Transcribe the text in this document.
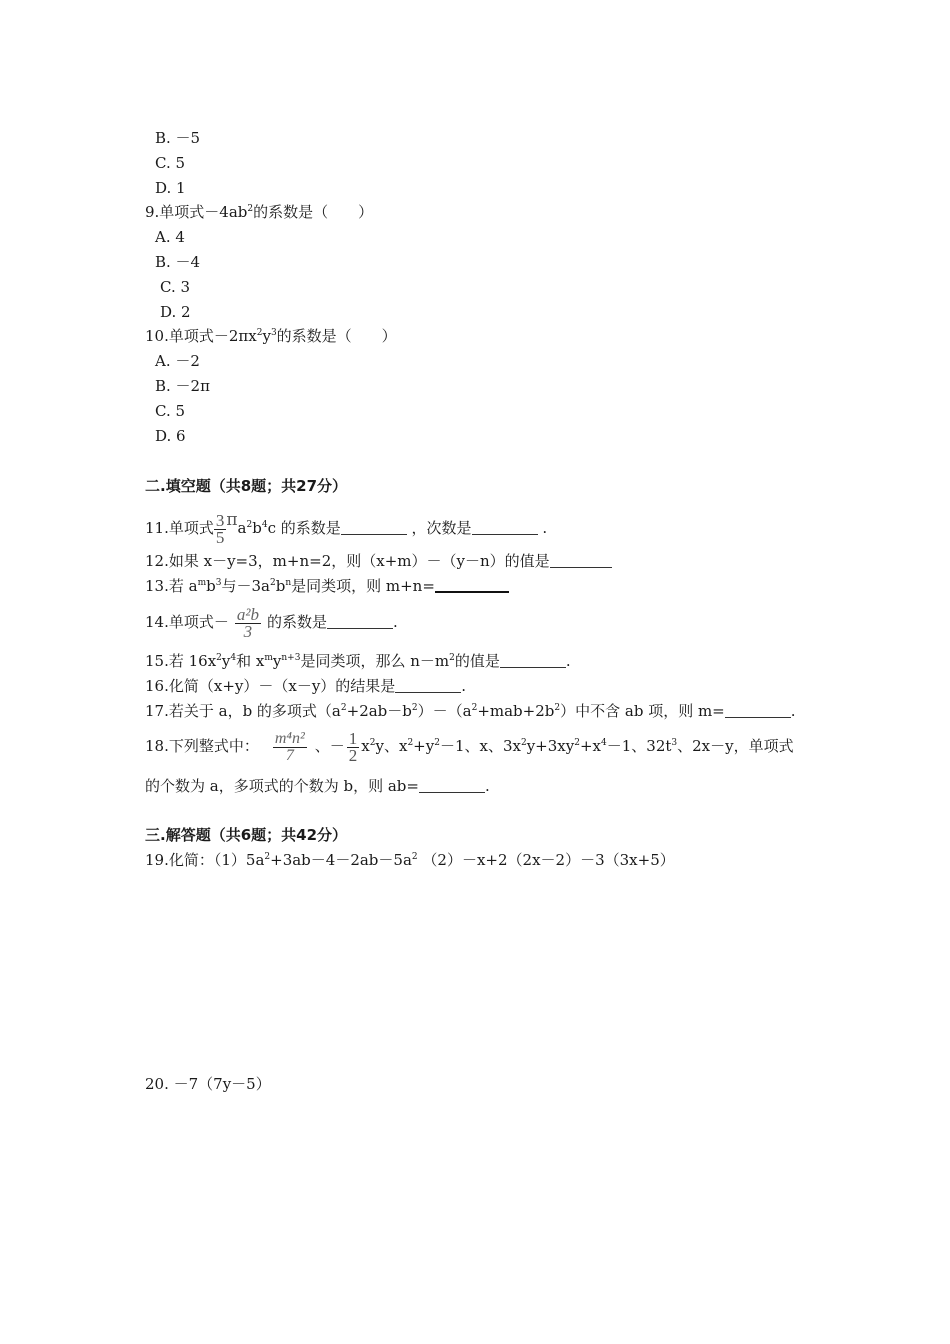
B. －5
C. 5
D. 1
9.单项式$-4ab^2$的系数是（　　）
A. 4
B. －4
C. 3
D. 2
10.单项式$-2\pi x^2y^3$的系数是（　　）
A. －2
B. －2π
C. 5
D. 6
二.填空题（共8题；共27分）
11.单项式 $\frac{3}{5} \pi a^2b^4c$ 的系数是	，次数是	.
12.如果 x－y=3，m+n=2，则（x+m）－（y－n）的值是
13.若 $a^mb^3$与$-3a^2b^n$是同类项，则 m+n=
14.单项式－ $\frac{\text{a²b}}{3}$ 的系数是	.
15.若 $16x^2y^4$和 $x^my^{n+3}$是同类项，那么 $n-m^2$的值是	.
16.化简（x+y）－（x－y）的结果是	.
17.若关于 a，b 的多项式$(a^2+2ab-b^2)-(a^2+mab+2b^2)$中不含 ab 项，则 m=	.
18.下列整式中： $\frac{\text{m⁴n²}}{7}$ 、－ $\frac{1}{2} x^2y$、$x^2+y^2-1$、x、$3x^2y+3xy^2+x^4-1$、$32t^3$、2x－y，单项式
的个数为 a，多项式的个数为 b，则 ab=	.
三.解答题（共6题；共42分）
19.化简：$(1)5a^2+3ab-4-2ab-5a^2$ （2）－x+2（2x－2）－3（3x+5）
20. －7（7y－5）
